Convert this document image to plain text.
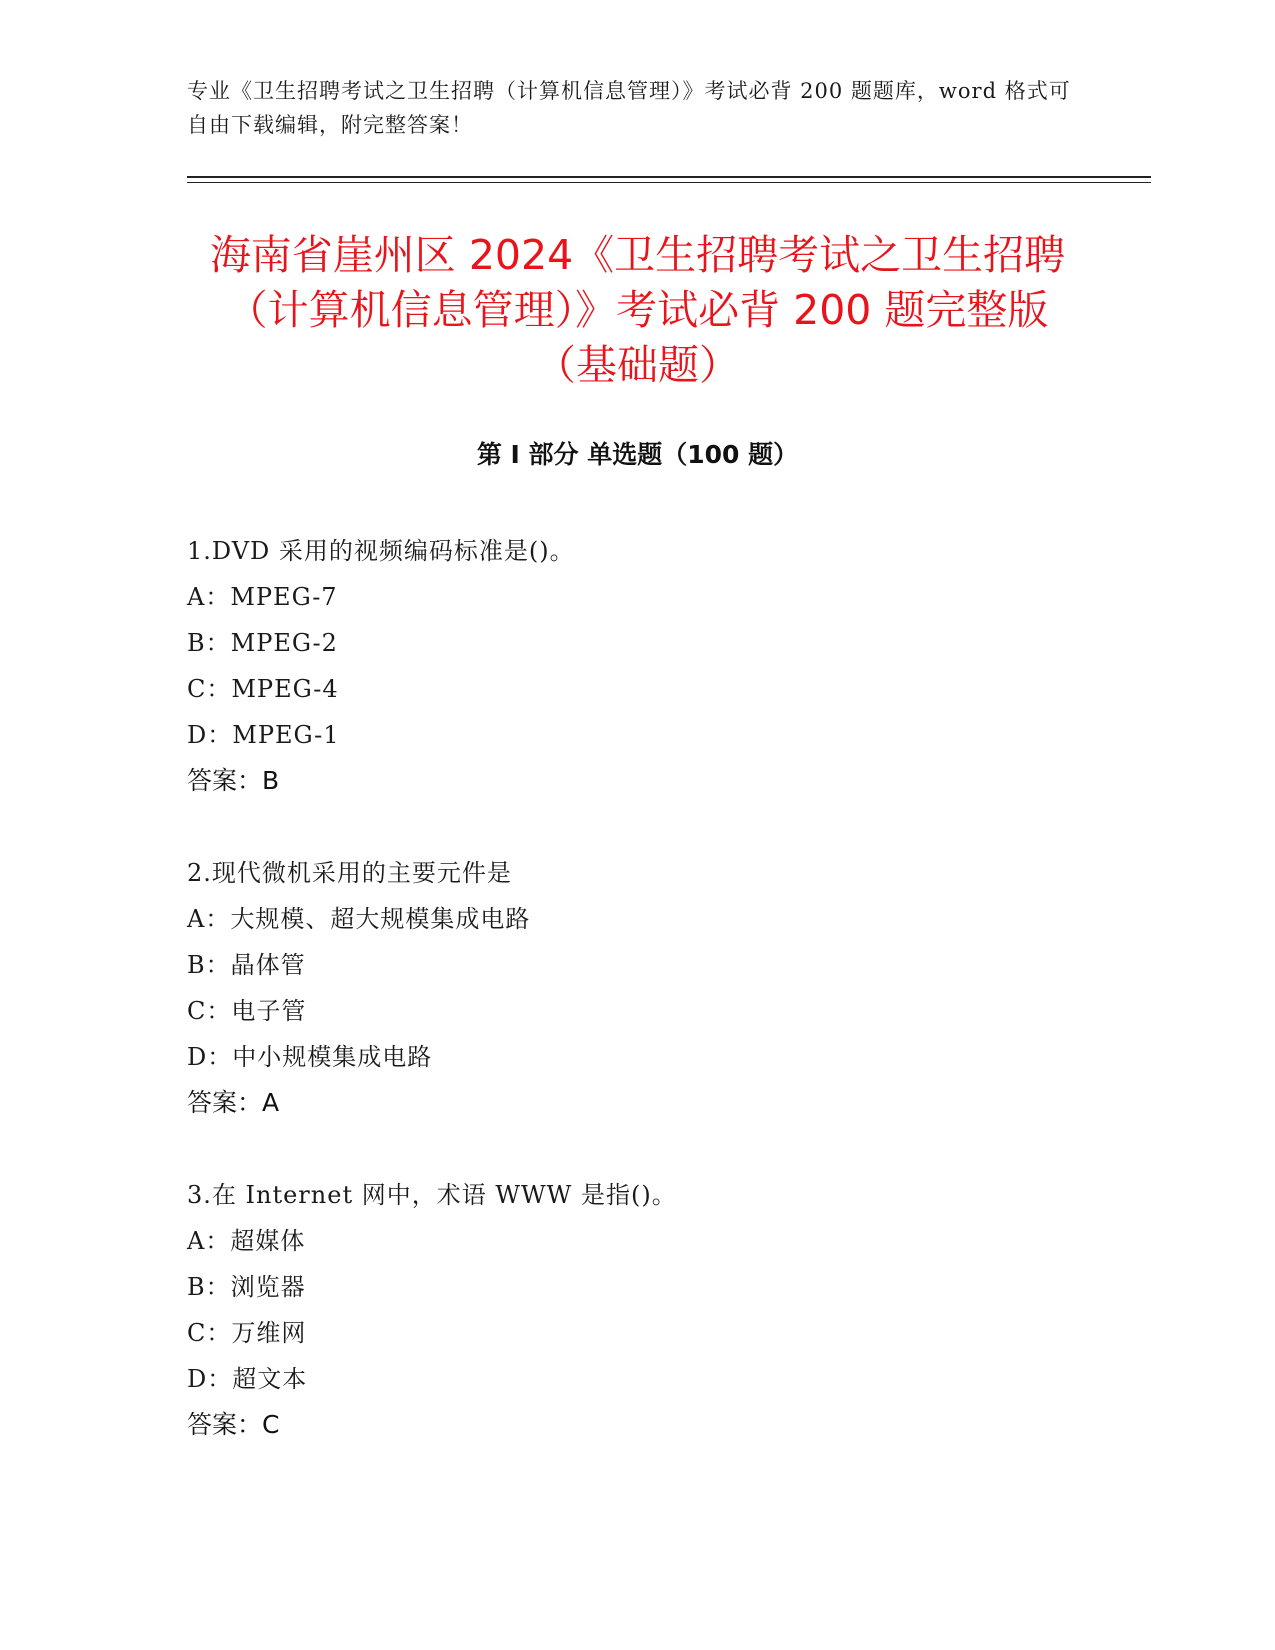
专业《卫生招聘考试之卫生招聘（计算机信息管理）》考试必背 200 题题库，word 格式可自由下载编辑，附完整答案！
海南省崖州区 2024《卫生招聘考试之卫生招聘（计算机信息管理）》考试必背 200 题完整版（基础题）
第 I 部分 单选题（100 题）
1.DVD 采用的视频编码标准是()。
A：MPEG-7
B：MPEG-2
C：MPEG-4
D：MPEG-1
答案：B
2.现代微机采用的主要元件是
A：大规模、超大规模集成电路
B：晶体管
C：电子管
D：中小规模集成电路
答案：A
3.在 Internet 网中，术语 WWW 是指()。
A：超媒体
B：浏览器
C：万维网
D：超文本
答案：C
